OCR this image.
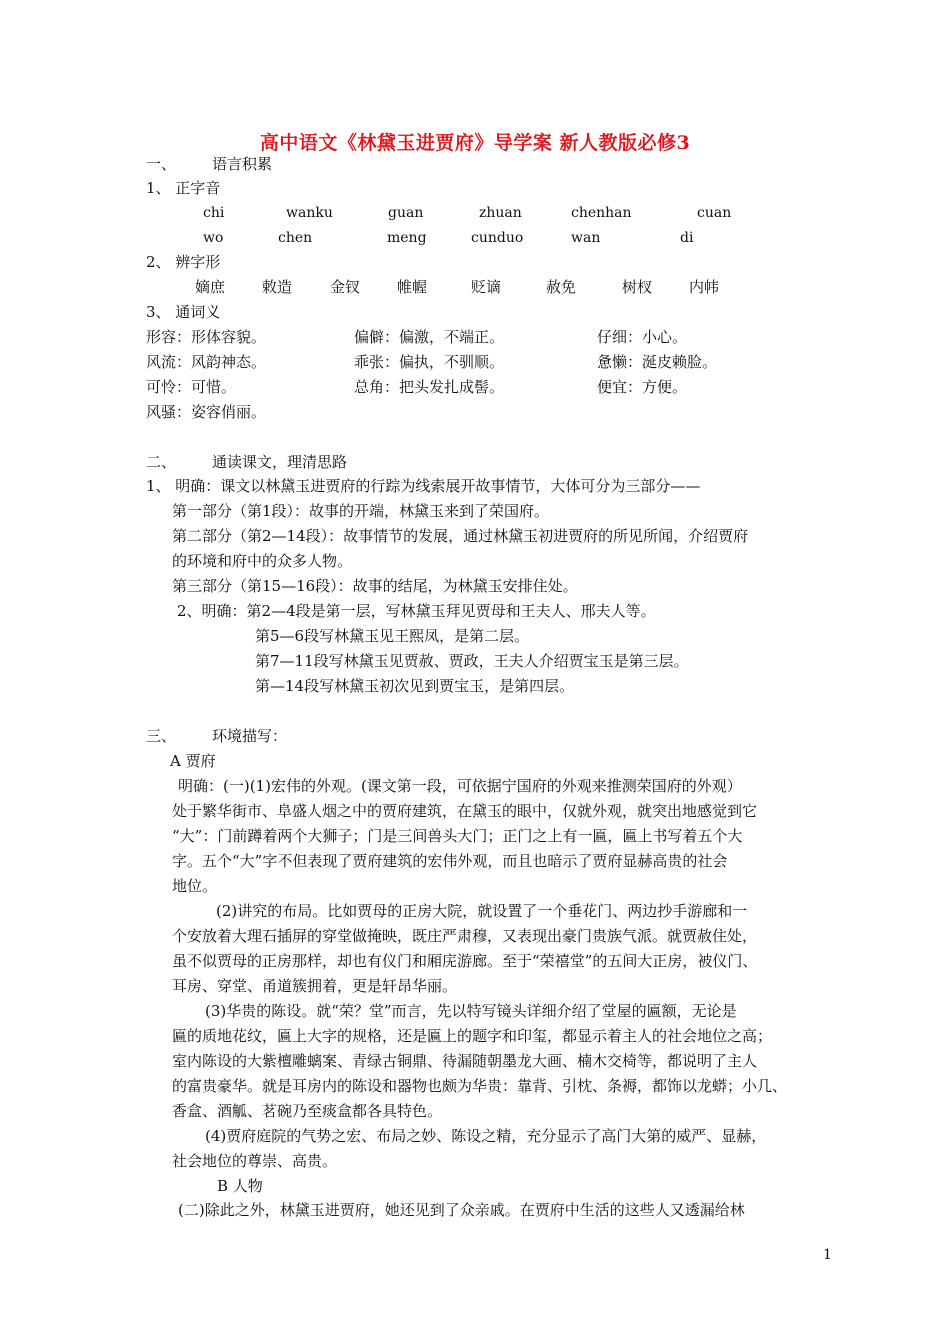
高中语文《林黛玉进贾府》导学案 新人教版必修3
一、 语言积累
1、 正字音
chi	wanku	guan	zhuan	chenhan	cuan
wo	chen	meng	cunduo	wan	di
2、 辨字形
嫡庶 敕造	金钗 帷幄	贬谪	赦免	树杈 内帏
3、 通词义
形容：形体容貌。	偏僻：偏激，不端正。	仔细：小心。
风流：风韵神态。	乖张：偏执，不驯顺。	惫懒：涎皮赖脸。
可怜：可惜。	总角：把头发扎成髻。	便宜：方便。
风骚：姿容俏丽。
二、 通读课文，理清思路
1、 明确：课文以林黛玉进贾府的行踪为线索展开故事情节，大体可分为三部分——
第一部分（第1段）：故事的开端，林黛玉来到了荣国府。
第二部分（第2—14段）：故事情节的发展，通过林黛玉初进贾府的所见所闻，介绍贾府
的环境和府中的众多人物。
第三部分（第15—16段）：故事的结尾，为林黛玉安排住处。
2、明确：第2—4段是第一层，写林黛玉拜见贾母和王夫人、邢夫人等。
第5—6段写林黛玉见王熙凤，是第二层。
第7—11段写林黛玉见贾赦、贾政，王夫人介绍贾宝玉是第三层。
第—14段写林黛玉初次见到贾宝玉，是第四层。
三、 环境描写：
A 贾府
明确：(一)(1)宏伟的外观。(课文第一段，可依据宁国府的外观来推测荣国府的外观）
处于繁华街市、阜盛人烟之中的贾府建筑，在黛玉的眼中，仅就外观，就突出地感觉到它
“大”：门前蹲着两个大狮子；门是三间兽头大门；正门之上有一匾，匾上书写着五个大
字。五个“大”字不但表现了贾府建筑的宏伟外观，而且也暗示了贾府显赫高贵的社会
地位。
(2)讲究的布局。比如贾母的正房大院，就设置了一个垂花门、两边抄手游廊和一
个安放着大理石插屏的穿堂做掩映，既庄严肃穆，又表现出豪门贵族气派。就贾赦住处，
虽不似贾母的正房那样，却也有仪门和厢庑游廊。至于“荣禧堂”的五间大正房，被仪门、
耳房、穿堂、甬道簇拥着，更是轩昂华丽。
(3)华贵的陈设。就“荣？堂”而言，先以特写镜头详细介绍了堂屋的匾额，无论是
匾的质地花纹，匾上大字的规格，还是匾上的题字和印玺，都显示着主人的社会地位之高；
室内陈设的大紫檀雕螭案、青绿古铜鼎、待漏随朝墨龙大画、楠木交椅等，都说明了主人
的富贵豪华。就是耳房内的陈设和器物也颇为华贵：靠背、引枕、条褥，都饰以龙蟒；小几、
香盒、酒觚、茗碗乃至痰盒都各具特色。
(4)贾府庭院的气势之宏、布局之妙、陈设之精，充分显示了高门大第的威严、显赫，
社会地位的尊崇、高贵。
B 人物
(二)除此之外，林黛玉进贾府，她还见到了众亲戚。在贾府中生活的这些人又透漏给林
1
